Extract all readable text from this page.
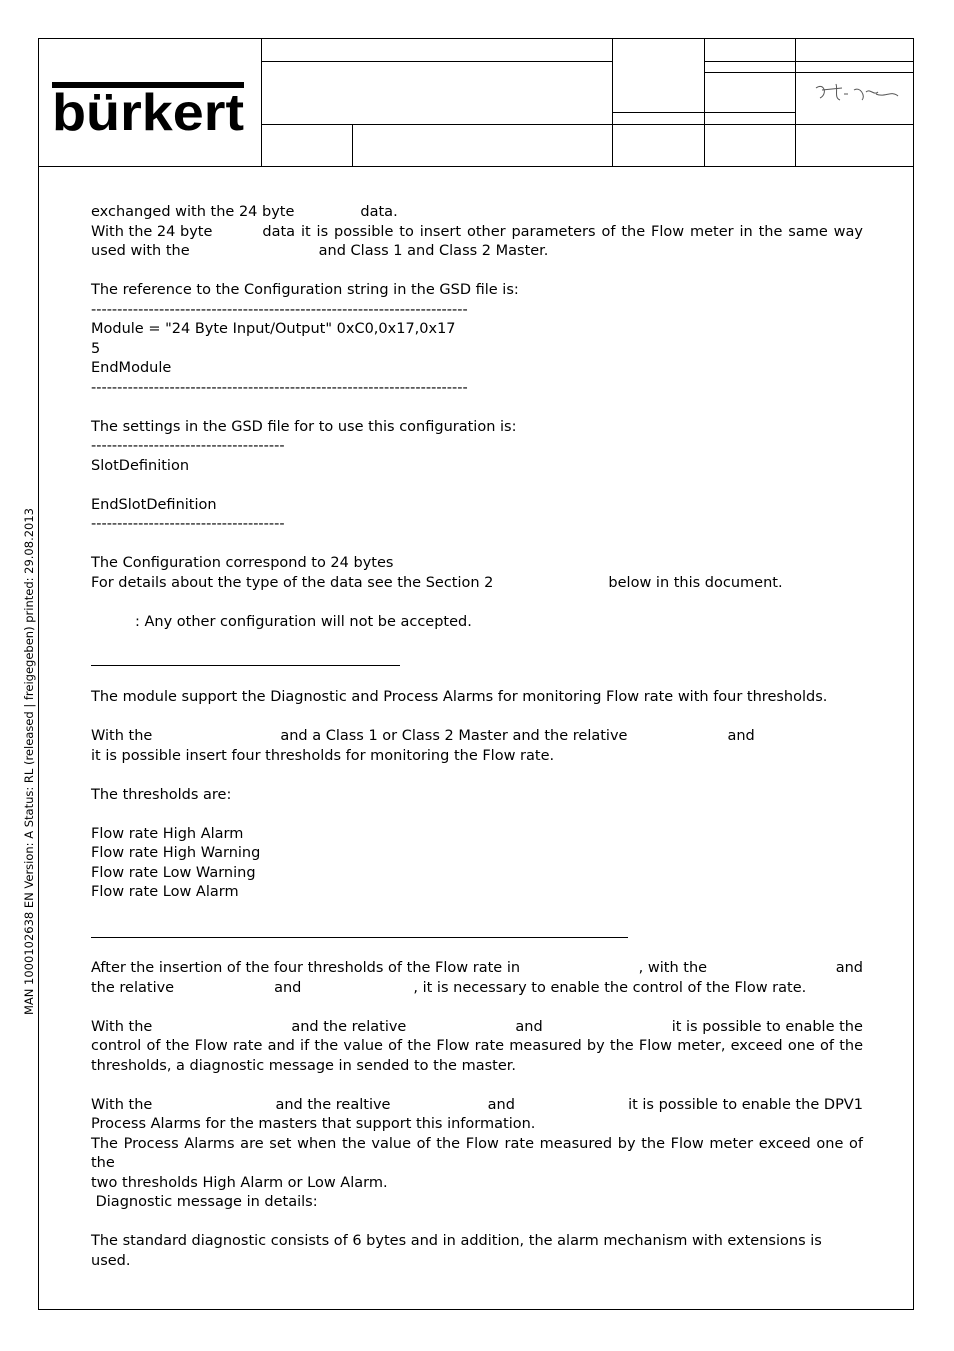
bürkert
MAN 1000102638 EN Version: A Status: RL (released | freigegeben) printed: 29.08.2013

exchanged with the 24 byte	data.

With the 24 byte	data it is possible to insert other parameters of the Flow meter in the same way

used with the	and Class 1 and Class 2 Master.

The reference to the Configuration string in the GSD file is:

------------------------------------------------------------------------

Module = "24 Byte Input/Output" 0xC0,0x17,0x17

5

EndModule

------------------------------------------------------------------------

The settings in the GSD file for to use this configuration is:

-------------------------------------

SlotDefinition

EndSlotDefinition

-------------------------------------

The Configuration correspond to 24 bytes

For details about the type of the data see the Section 2	below in this document.

: Any other configuration will not be accepted.

The module support the Diagnostic and Process Alarms for monitoring Flow rate with four thresholds.

With the	and a Class 1 or Class 2 Master and the relative	and

it is possible insert four thresholds for monitoring the Flow rate.

The thresholds are:

Flow rate High Alarm

Flow rate High Warning

Flow rate Low Warning

Flow rate Low Alarm

After the insertion of the four thresholds of the Flow rate in	, with the	and

the relative	and	, it is necessary to enable the control of the Flow rate.

With the	and the relative	and	it is possible to enable the

control of the Flow rate and if the value of the Flow rate measured by the Flow meter, exceed one of the

thresholds, a diagnostic message in sended to the master.

With the	and the realtive	and	it is possible to enable the DPV1

Process Alarms for the masters that support this information.

The Process Alarms are set when the value of the Flow rate measured by the Flow meter exceed one of the

two thresholds High Alarm or Low Alarm.

Diagnostic message in details:

The standard diagnostic consists of 6 bytes and in addition, the alarm mechanism with extensions is used.
